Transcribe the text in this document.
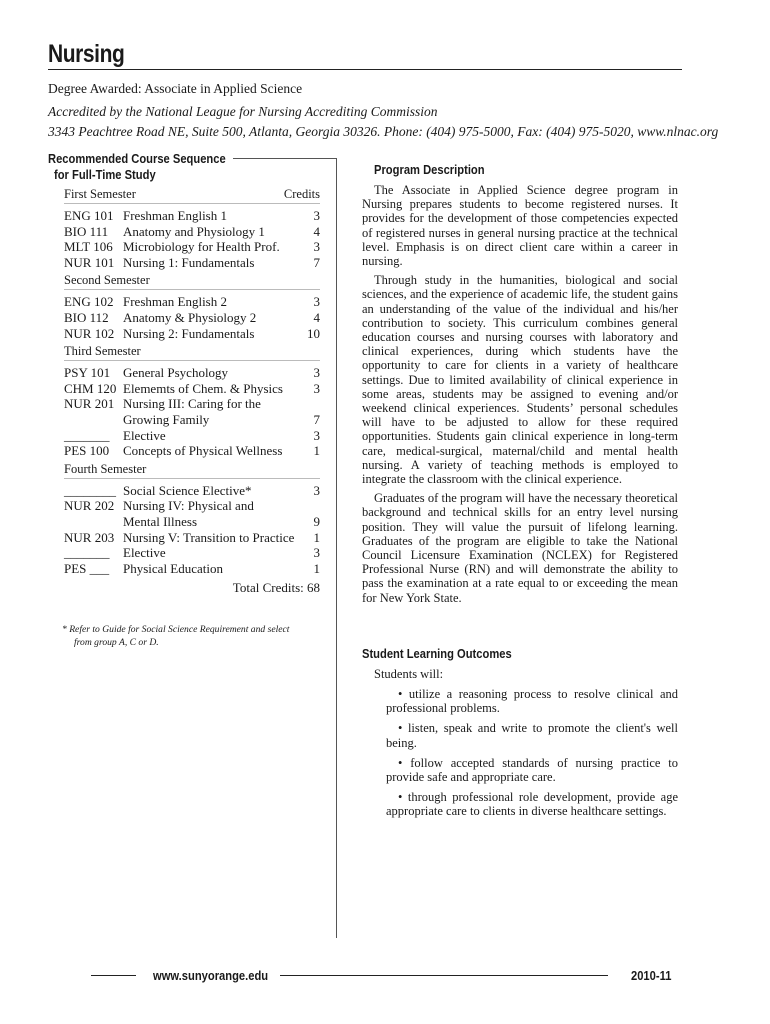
Nursing
Degree Awarded: Associate in Applied Science
Accredited by the National League for Nursing Accrediting Commission
3343 Peachtree Road NE, Suite 500, Atlanta, Georgia 30326. Phone: (404) 975-5000, Fax: (404) 975-5020, www.nlnac.org
Recommended Course Sequence
for Full-Time Study
First Semester	Credits
ENG 101 Freshman English 1	3
BIO 111	Anatomy and Physiology 1	4
MLT 106 Microbiology for Health Prof.	3
NUR 101 Nursing 1: Fundamentals	7
Second Semester
ENG 102 Freshman English 2	3
BIO 112	Anatomy & Physiology 2	4
NUR 102 Nursing 2: Fundamentals	10
Third Semester
PSY 101 General Psychology	3
CHM 120 Elememts of Chem. & Physics	3
NUR 201 Nursing III: Caring for the
Growing Family	7
_______	Elective	3
PES 100	Concepts of Physical Wellness	1
Fourth Semester
________ Social Science Elective*	3
NUR 202 Nursing IV: Physical and
Mental Illness	9
NUR 203 Nursing V: Transition to Practice	1
_______	Elective	3
PES ___	Physical Education	1
Total Credits: 68
* Refer to Guide for Social Science Requirement and select
from group A, C or D.
Program Description

The Associate in Applied Science degree program in Nursing prepares students to become registered nurses. It provides for the development of those competencies expected of registered nurses in general nursing practice at the technical level. Emphasis is on direct client care within a career in nursing.

Through study in the humanities, biological and social sciences, and the experience of academic life, the student gains an understanding of the value of the individual and his/her contribution to society. This curriculum combines general education courses and nursing courses with laboratory and clinical experiences, during which students have the opportunity to care for clients in a variety of healthcare settings. Due to limited availability of clinical experience in some areas, students may be assigned to evening and/or weekend clinical experiences. Students’ personal schedules will have to be adjusted to allow for these required opportunities. Students gain clinical experience in long-term care, medical-surgical, maternal/child and mental health nursing. A variety of teaching methods is employed to integrate the classroom with the clinical experience.

Graduates of the program will have the necessary theoretical background and technical skills for an entry level nursing position. They will value the pursuit of lifelong learning. Graduates of the program are eligible to take the National Council Licensure Examination (NCLEX) for Registered Professional Nurse (RN) and will demonstrate the ability to pass the examination at a rate equal to or exceeding the mean for New York State.

Student Learning Outcomes
Students will:
• utilize a reasoning process to resolve clinical and professional problems.
• listen, speak and write to promote the client's well being.
• follow accepted standards of nursing practice to provide safe and appropriate care.
• through professional role development, provide age appropriate care to clients in diverse healthcare settings.
www.sunyorange.edu	2010-11
